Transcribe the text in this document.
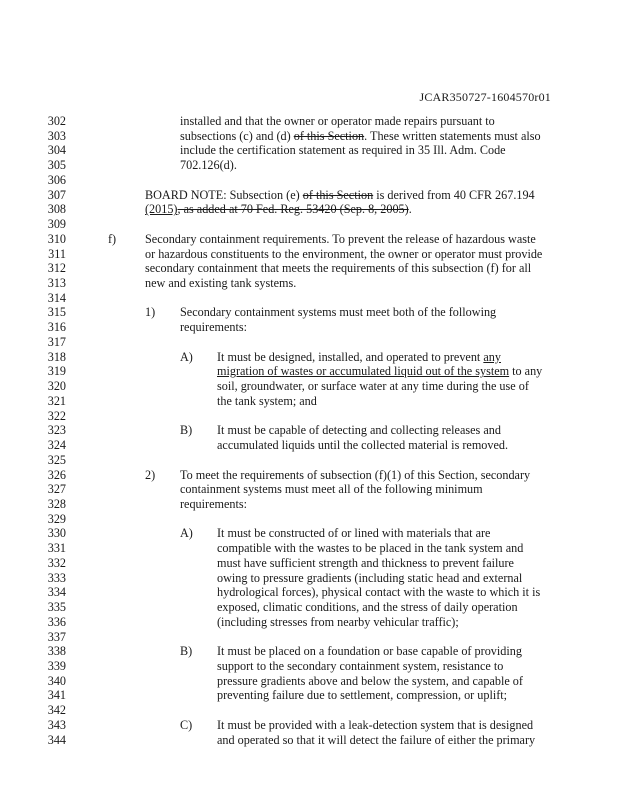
JCAR350727-1604570r01
302	installed and that the owner or operator made repairs pursuant to
303	subsections (c) and (d) of this Section. These written statements must also
304	include the certification statement as required in 35 Ill. Adm. Code
305	702.126(d).
306
307	BOARD NOTE: Subsection (e) of this Section is derived from 40 CFR 267.194
308	(2015), as added at 70 Fed. Reg. 53420 (Sep. 8, 2005).
309
310	f) Secondary containment requirements. To prevent the release of hazardous waste
311	or hazardous constituents to the environment, the owner or operator must provide
312	secondary containment that meets the requirements of this subsection (f) for all
313	new and existing tank systems.
314
315	1) Secondary containment systems must meet both of the following
316	requirements:
317
318	A) It must be designed, installed, and operated to prevent any
319	migration of wastes or accumulated liquid out of the system to any
320	soil, groundwater, or surface water at any time during the use of
321	the tank system; and
322
323	B) It must be capable of detecting and collecting releases and
324	accumulated liquids until the collected material is removed.
325
326	2) To meet the requirements of subsection (f)(1) of this Section, secondary
327	containment systems must meet all of the following minimum
328	requirements:
329
330	A) It must be constructed of or lined with materials that are
331	compatible with the wastes to be placed in the tank system and
332	must have sufficient strength and thickness to prevent failure
333	owing to pressure gradients (including static head and external
334	hydrological forces), physical contact with the waste to which it is
335	exposed, climatic conditions, and the stress of daily operation
336	(including stresses from nearby vehicular traffic);
337
338	B) It must be placed on a foundation or base capable of providing
339	support to the secondary containment system, resistance to
340	pressure gradients above and below the system, and capable of
341	preventing failure due to settlement, compression, or uplift;
342
343	C) It must be provided with a leak-detection system that is designed
344	and operated so that it will detect the failure of either the primary
